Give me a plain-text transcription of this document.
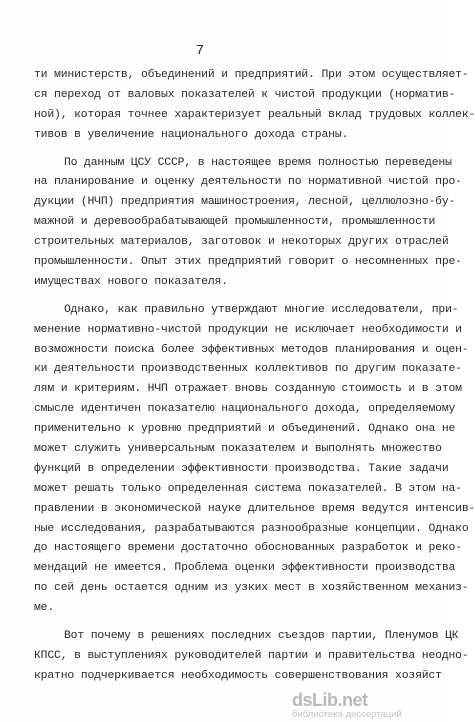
7
ти министерств, объединений и предприятий. При этом осуществляет-
ся переход от валовых показателей к чистой продукции (норматив-
ной), которая точнее характеризует реальный вклад трудовых коллек-
тивов в увеличение национального дохода страны.
По данным ЦСУ СССР, в настоящее время полностью переведены
на планирование и оценку деятельности по нормативной чистой про-
дукции (НЧП) предприятия машиностроения, лесной, целлюлозно-бу-
мажной и деревообрабатывающей промышленности, промышленности
строительных материалов, заготовок и некоторых других отраслей
промышленности. Опыт этих предприятий говорит о несомненных пре-
имуществах нового показателя.
Однако, как правильно утверждают многие исследователи, при-
менение нормативно-чистой продукции не исключает необходимости и
возможности поиска более эффективных методов планирования и оцен-
ки деятельности производственных коллективов по другим показате-
лям и критериям. НЧП отражает вновь созданную стоимость и в этом
смысле идентичен показателю национального дохода, определяемому
применительно к уровню предприятий и объединений. Однако она не
может служить универсальным показателем и выполнять множество
функций в определении эффективности производства. Такие задачи
может решать только определенная система показателей. В этом на-
правлении в экономической науке длительное время ведутся интенсив-
ные исследования, разрабатываются разнообразные концепции. Однако
до настоящего времени достаточно обоснованных разработок и реко-
мендаций не имеется. Проблема оценки эффективности производства
по сей день остается одним из узких мест в хозяйственном механиз-
ме.
Вот почему в решениях последних съездов партии, Пленумов ЦК
КПСС, в выступлениях руководителей партии и правительства неодно-
кратно подчеркивается необходимость совершенствования хозяйст
dsLib.net
библиотека диссертаций
